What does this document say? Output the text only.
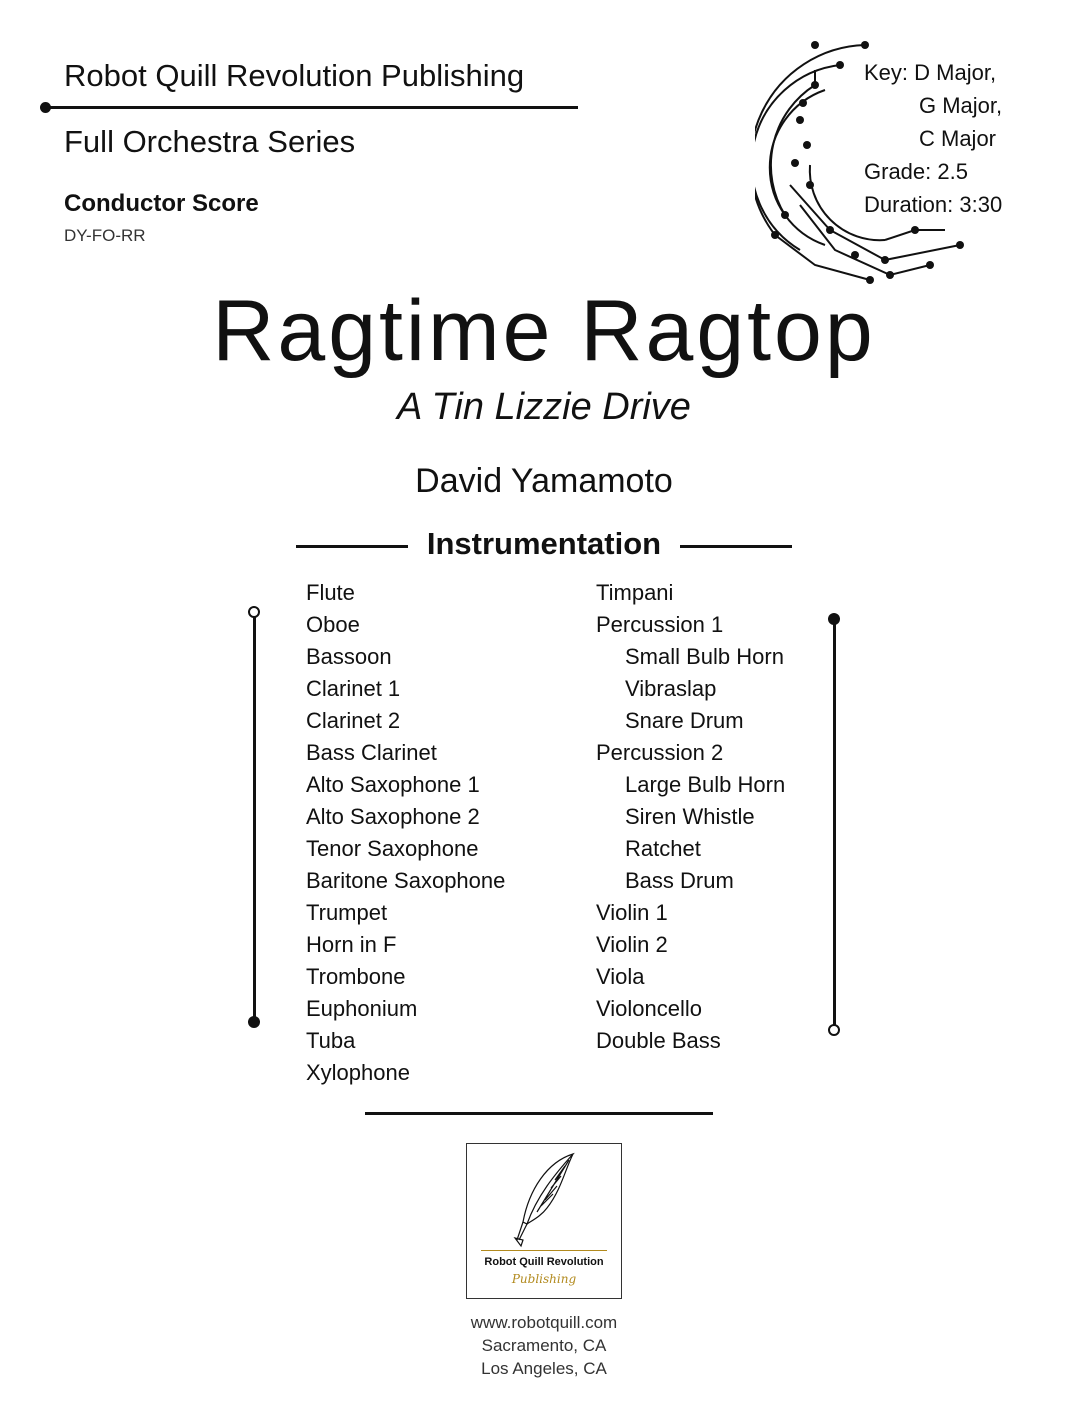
Robot Quill Revolution Publishing
Full Orchestra Series
Conductor Score
DY-FO-RR
Key: D Major,
G Major,
C Major
Grade: 2.5
Duration: 3:30
Ragtime Ragtop
A Tin Lizzie Drive
David Yamamoto
Instrumentation
Flute
Oboe
Bassoon
Clarinet 1
Clarinet 2
Bass Clarinet
Alto Saxophone 1
Alto Saxophone 2
Tenor Saxophone
Baritone Saxophone
Trumpet
Horn in F
Trombone
Euphonium
Tuba
Xylophone
Timpani
Percussion 1
Small Bulb Horn
Vibraslap
Snare Drum
Percussion 2
Large Bulb Horn
Siren Whistle
Ratchet
Bass Drum
Violin 1
Violin 2
Viola
Violoncello
Double Bass
Robot Quill Revolution
Publishing
www.robotquill.com
Sacramento, CA
Los Angeles, CA
